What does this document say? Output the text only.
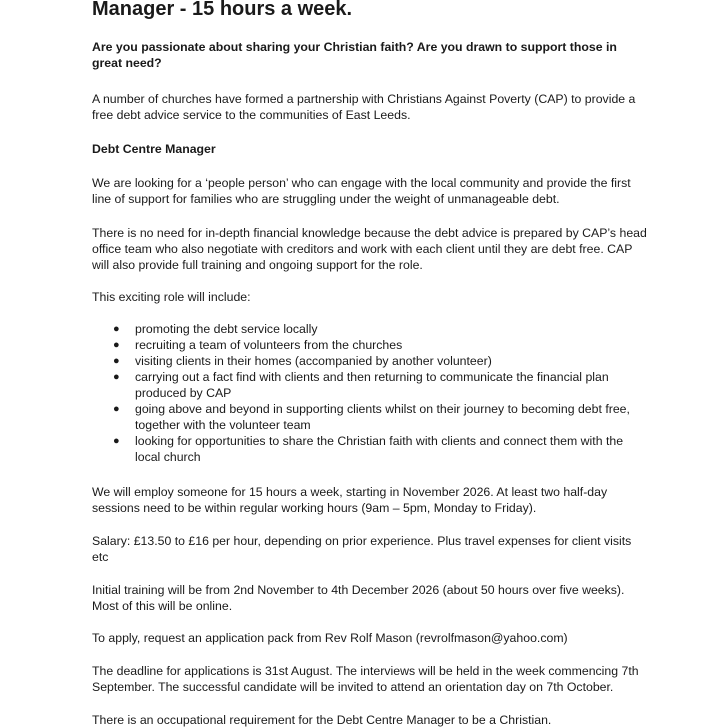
Manager - 15 hours a week.

Are you passionate about sharing your Christian faith? Are you drawn to support those in great need?

A number of churches have formed a partnership with Christians Against Poverty (CAP) to provide a free debt advice service to the communities of East Leeds.

Debt Centre Manager

We are looking for a ‘people person’ who can engage with the local community and provide the first line of support for families who are struggling under the weight of unmanageable debt.

There is no need for in-depth financial knowledge because the debt advice is prepared by CAP’s head office team who also negotiate with creditors and work with each client until they are debt free. CAP will also provide full training and ongoing support for the role.

This exciting role will include:

● promoting the debt service locally
● recruiting a team of volunteers from the churches
● visiting clients in their homes (accompanied by another volunteer)
● carrying out a fact find with clients and then returning to communicate the financial plan produced by CAP
● going above and beyond in supporting clients whilst on their journey to becoming debt free, together with the volunteer team
● looking for opportunities to share the Christian faith with clients and connect them with the local church

We will employ someone for 15 hours a week, starting in November 2026. At least two half-day sessions need to be within regular working hours (9am – 5pm, Monday to Friday).

Salary: £13.50 to £16 per hour, depending on prior experience. Plus travel expenses for client visits etc

Initial training will be from 2nd November to 4th December 2026 (about 50 hours over five weeks). Most of this will be online.

To apply, request an application pack from Rev Rolf Mason (revrolfmason@yahoo.com)

The deadline for applications is 31st August. The interviews will be held in the week commencing 7th September. The successful candidate will be invited to attend an orientation day on 7th October.

There is an occupational requirement for the Debt Centre Manager to be a Christian.
